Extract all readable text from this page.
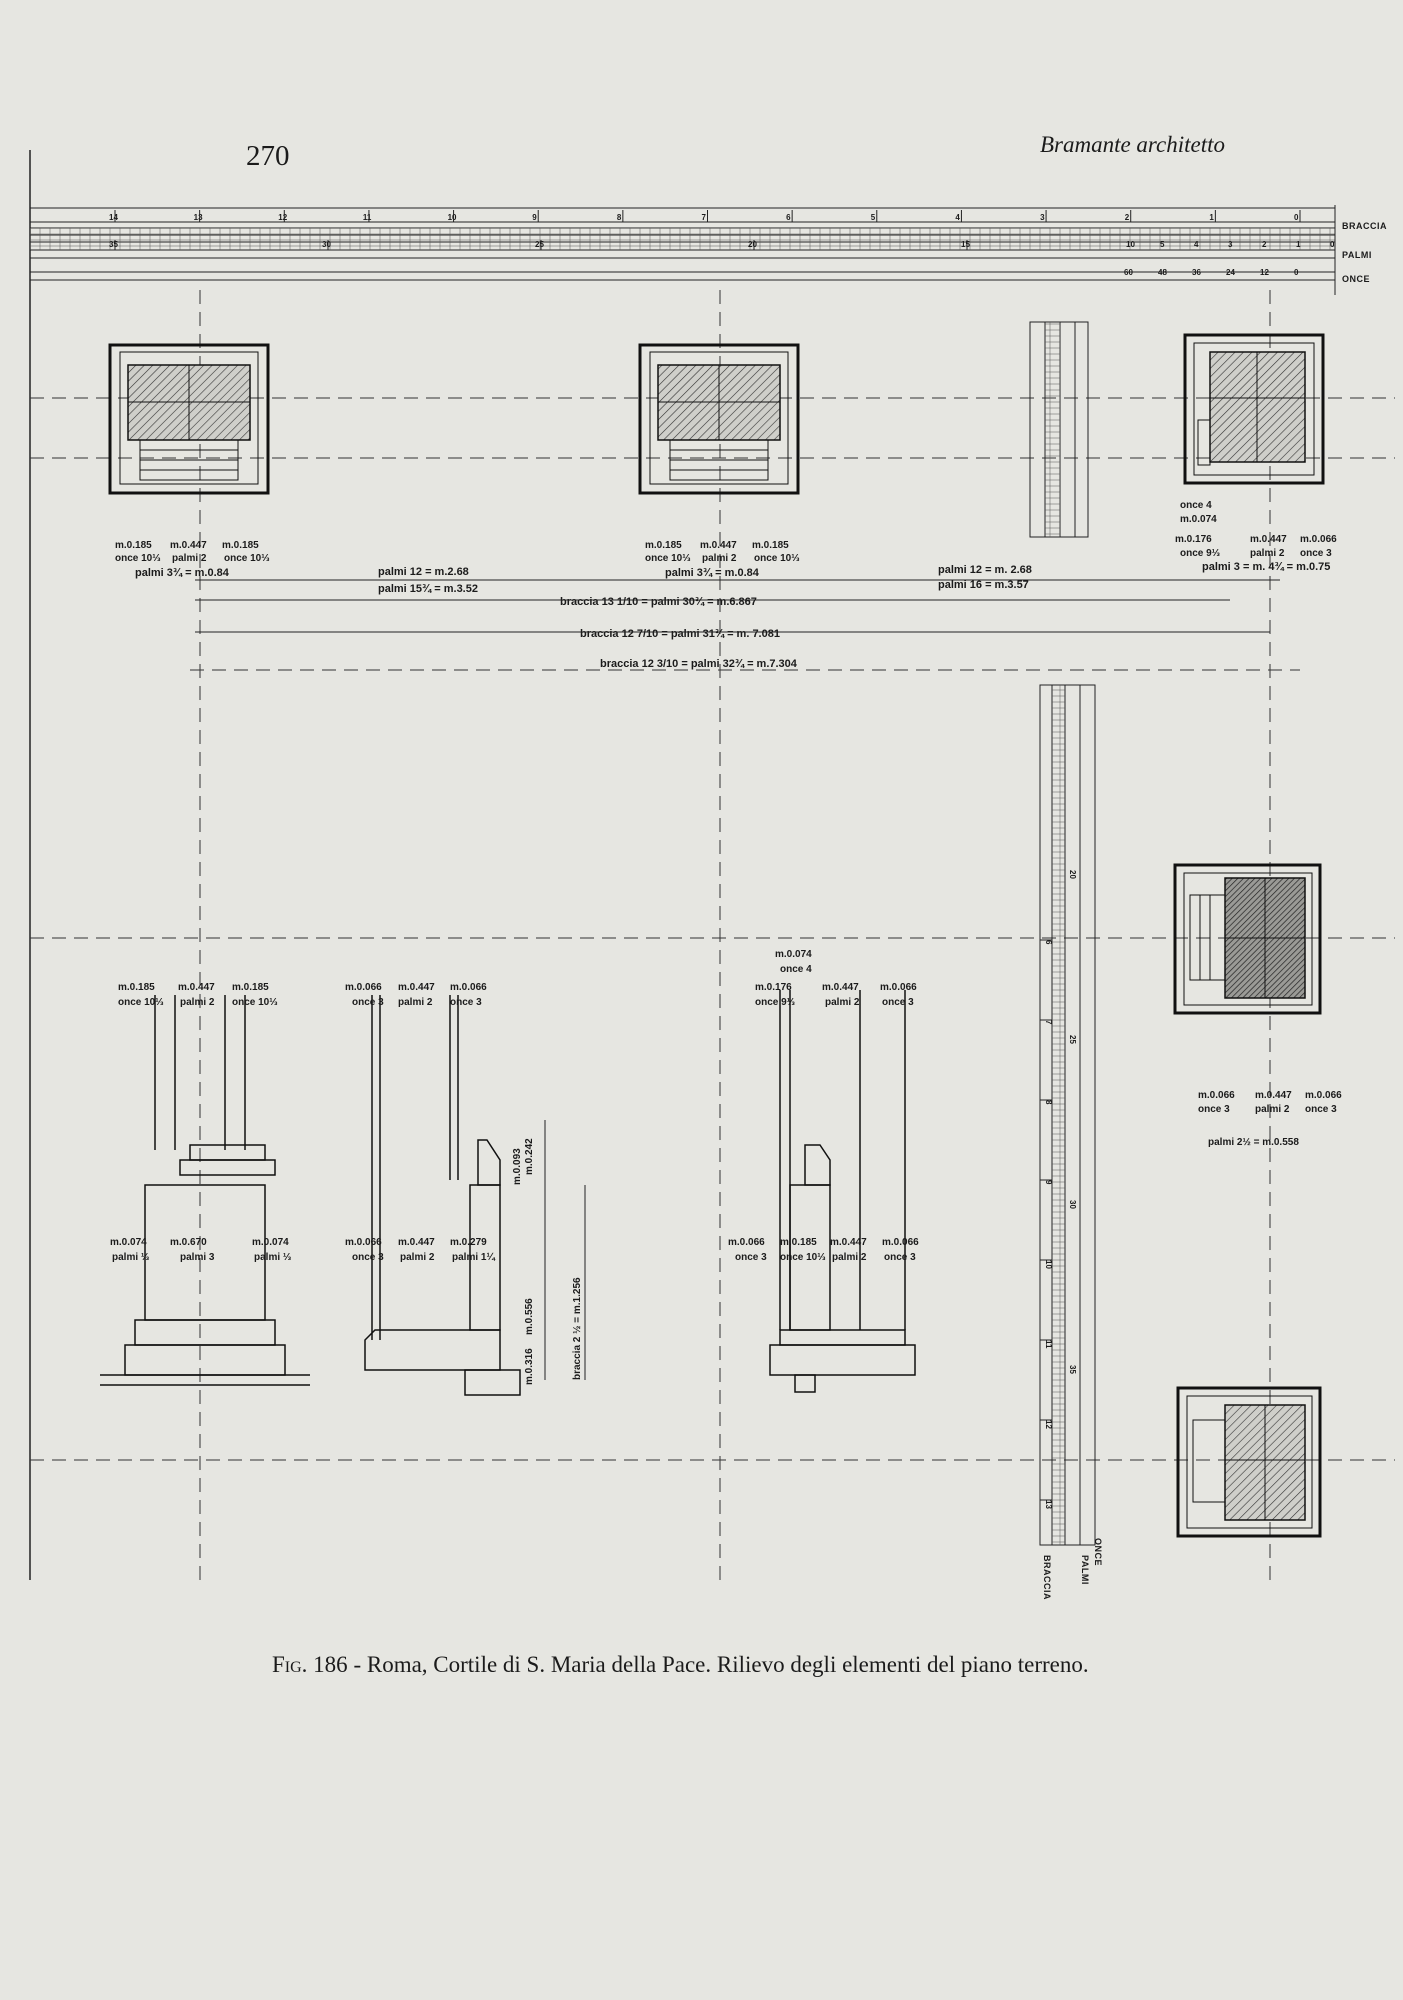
270	Bramante architetto
14	13	12	11	10	9	8	7	6	5	4	3	2	1	0
35	30	25	20	15	10	5	4	3	2	1	0
60	48	36	24	12	0
BRACCIA
PALMI
ONCE
6
7
8
9
10
11
12
13
20
25
30
35
BRACCIA	PALMI
ONCE
m.0.185 m.0.447 m.0.185
once 10⅓ palmi 2 once 10⅓
palmi 3¾ = m.0.84
m.0.185 m.0.447 m.0.185
once 10⅓ palmi 2 once 10⅓
palmi 3¾ = m.0.84
once 4
m.0.074
m.0.176	m.0.447 m.0.066
once 9⅓	palmi 2 once 3
palmi 3 = m. 4¾ = m.0.75
palmi 12 = m.2.68
palmi 15¾ = m.3.52
palmi 12 = m. 2.68
palmi 16 = m.3.57
braccia 13 1/10 = palmi 30¾ = m.6.867
braccia 12 7/10 = palmi 31¾ = m. 7.081
braccia 12 3/10 = palmi 32¾ = m.7.304
m.0.185 m.0.447 m.0.185
once 10⅓ palmi 2 once 10⅓
m.0.074 m.0.670	m.0.074
palmi ⅓	palmi 3	palmi ⅓
m.0.066 m.0.447 m.0.066
once 3 palmi 2 once 3
m.0.066 m.0.447 m.0.279
once 3 palmi 2 palmi 1¼
m.0.242
m.0.093
m.0.556
m.0.316	braccia 2 ½ = m.1.256
m.0.074
once 4
m.0.176	m.0.447 m.0.066
once 9⅓	palmi 2 once 3
m.0.066 m.0.185 m.0.447 m.0.066
once 3 once 10⅓ palmi 2 once 3
m.0.066 m.0.447 m.0.066
once 3	palmi 2 once 3
palmi 2½ = m.0.558
Fig. 186 - Roma, Cortile di S. Maria della Pace. Rilievo degli elementi del piano terreno.
